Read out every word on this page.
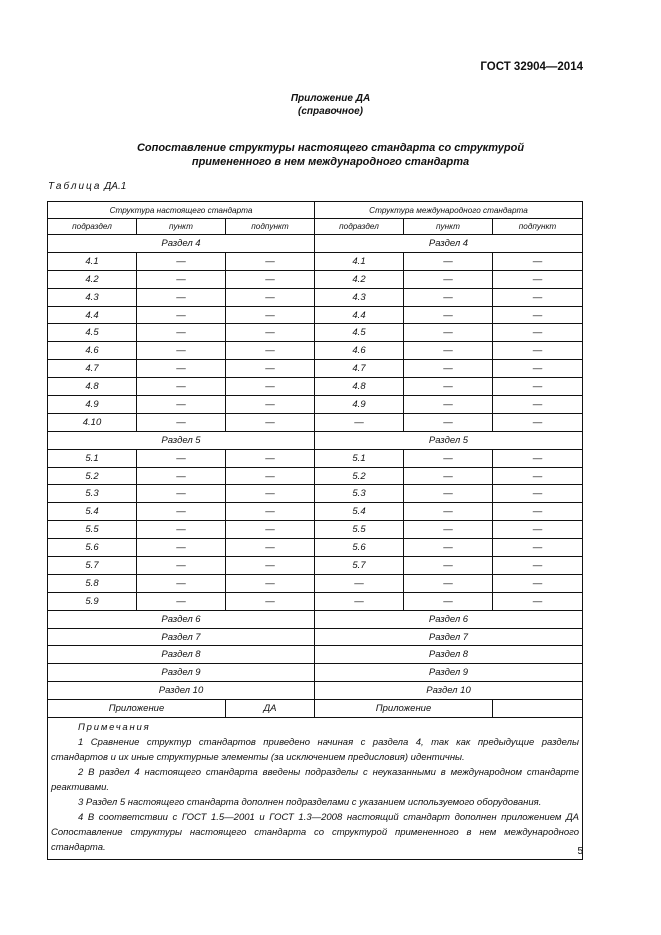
ГОСТ 32904—2014
Приложение ДА
(справочное)
Сопоставление структуры настоящего стандарта со структурой
примененного в нем международного стандарта
Таблица ДА.1
Структура настоящего стандарта			Структура международного стандарта		
подраздел	пункт	подпункт	подраздел	пункт	подпункт
Раздел 4			Раздел 4		
4.1	—	—	4.1	—	—
4.2	—	—	4.2	—	—
4.3	—	—	4.3	—	—
4.4	—	—	4.4	—	—
4.5	—	—	4.5	—	—
4.6	—	—	4.6	—	—
4.7	—	—	4.7	—	—
4.8	—	—	4.8	—	—
4.9	—	—	4.9	—	—
4.10	—	—	—	—	—
Раздел 5			Раздел 5		
5.1	—	—	5.1	—	—
5.2	—	—	5.2	—	—
5.3	—	—	5.3	—	—
5.4	—	—	5.4	—	—
5.5	—	—	5.5	—	—
5.6	—	—	5.6	—	—
5.7	—	—	5.7	—	—
5.8	—	—	—	—	—
5.9	—	—	—	—	—
Раздел 6			Раздел 6		
Раздел 7			Раздел 7		
Раздел 8			Раздел 8		
Раздел 9			Раздел 9		
Раздел 10			Раздел 10		
Приложение		ДА	Приложение		

Примечания
1 Сравнение структур стандартов приведено начиная с раздела 4, так как предыдущие разделы стандартов и их иные структурные элементы (за исключением предисловия) идентичны.
2 В раздел 4 настоящего стандарта введены подразделы с неуказанными в международном стандарте реактивами.
3 Раздел 5 настоящего стандарта дополнен подразделами с указанием используемого оборудования.
4 В соответствии с ГОСТ 1.5—2001 и ГОСТ 1.3—2008 настоящий стандарт дополнен приложением ДА Сопоставление структуры настоящего стандарта со структурой примененного в нем международного стандарта.						5
